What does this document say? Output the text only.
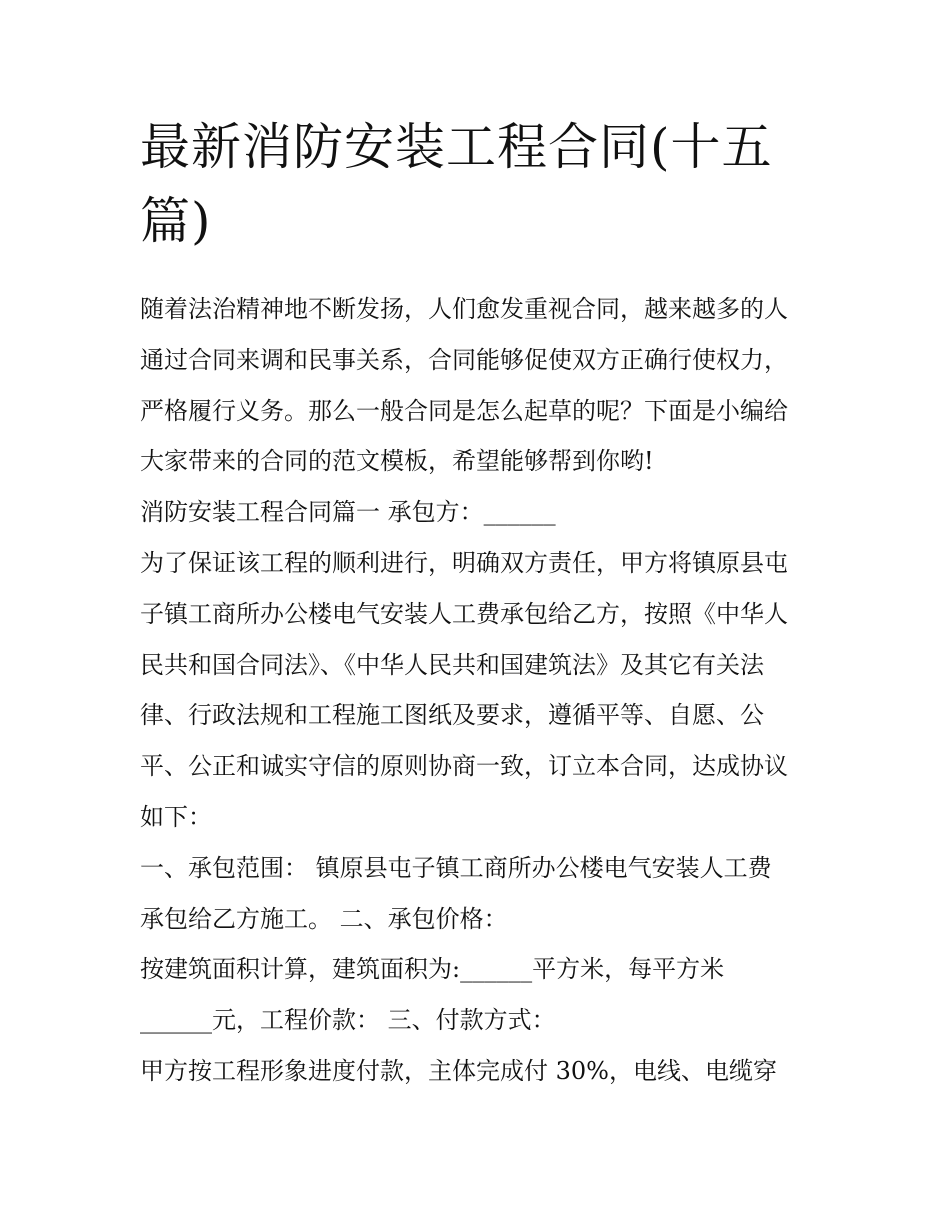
最新消防安装工程合同(十五
篇)
随着法治精神地不断发扬，人们愈发重视合同，越来越多的人
通过合同来调和民事关系，合同能够促使双方正确行使权力，
严格履行义务。那么一般合同是怎么起草的呢？下面是小编给
大家带来的合同的范文模板，希望能够帮到你哟!
消防安装工程合同篇一 承包方：______
为了保证该工程的顺利进行，明确双方责任，甲方将镇原县屯
子镇工商所办公楼电气安装人工费承包给乙方，按照《中华人
民共和国合同法》、《中华人民共和国建筑法》及其它有关法
律、行政法规和工程施工图纸及要求，遵循平等、自愿、公
平、公正和诚实守信的原则协商一致，订立本合同，达成协议
如下：
一、承包范围： 镇原县屯子镇工商所办公楼电气安装人工费
承包给乙方施工。 二、承包价格：
按建筑面积计算，建筑面积为:______平方米，每平方米
______元，工程价款： 三、付款方式：
甲方按工程形象进度付款，主体完成付 30%，电线、电缆穿
